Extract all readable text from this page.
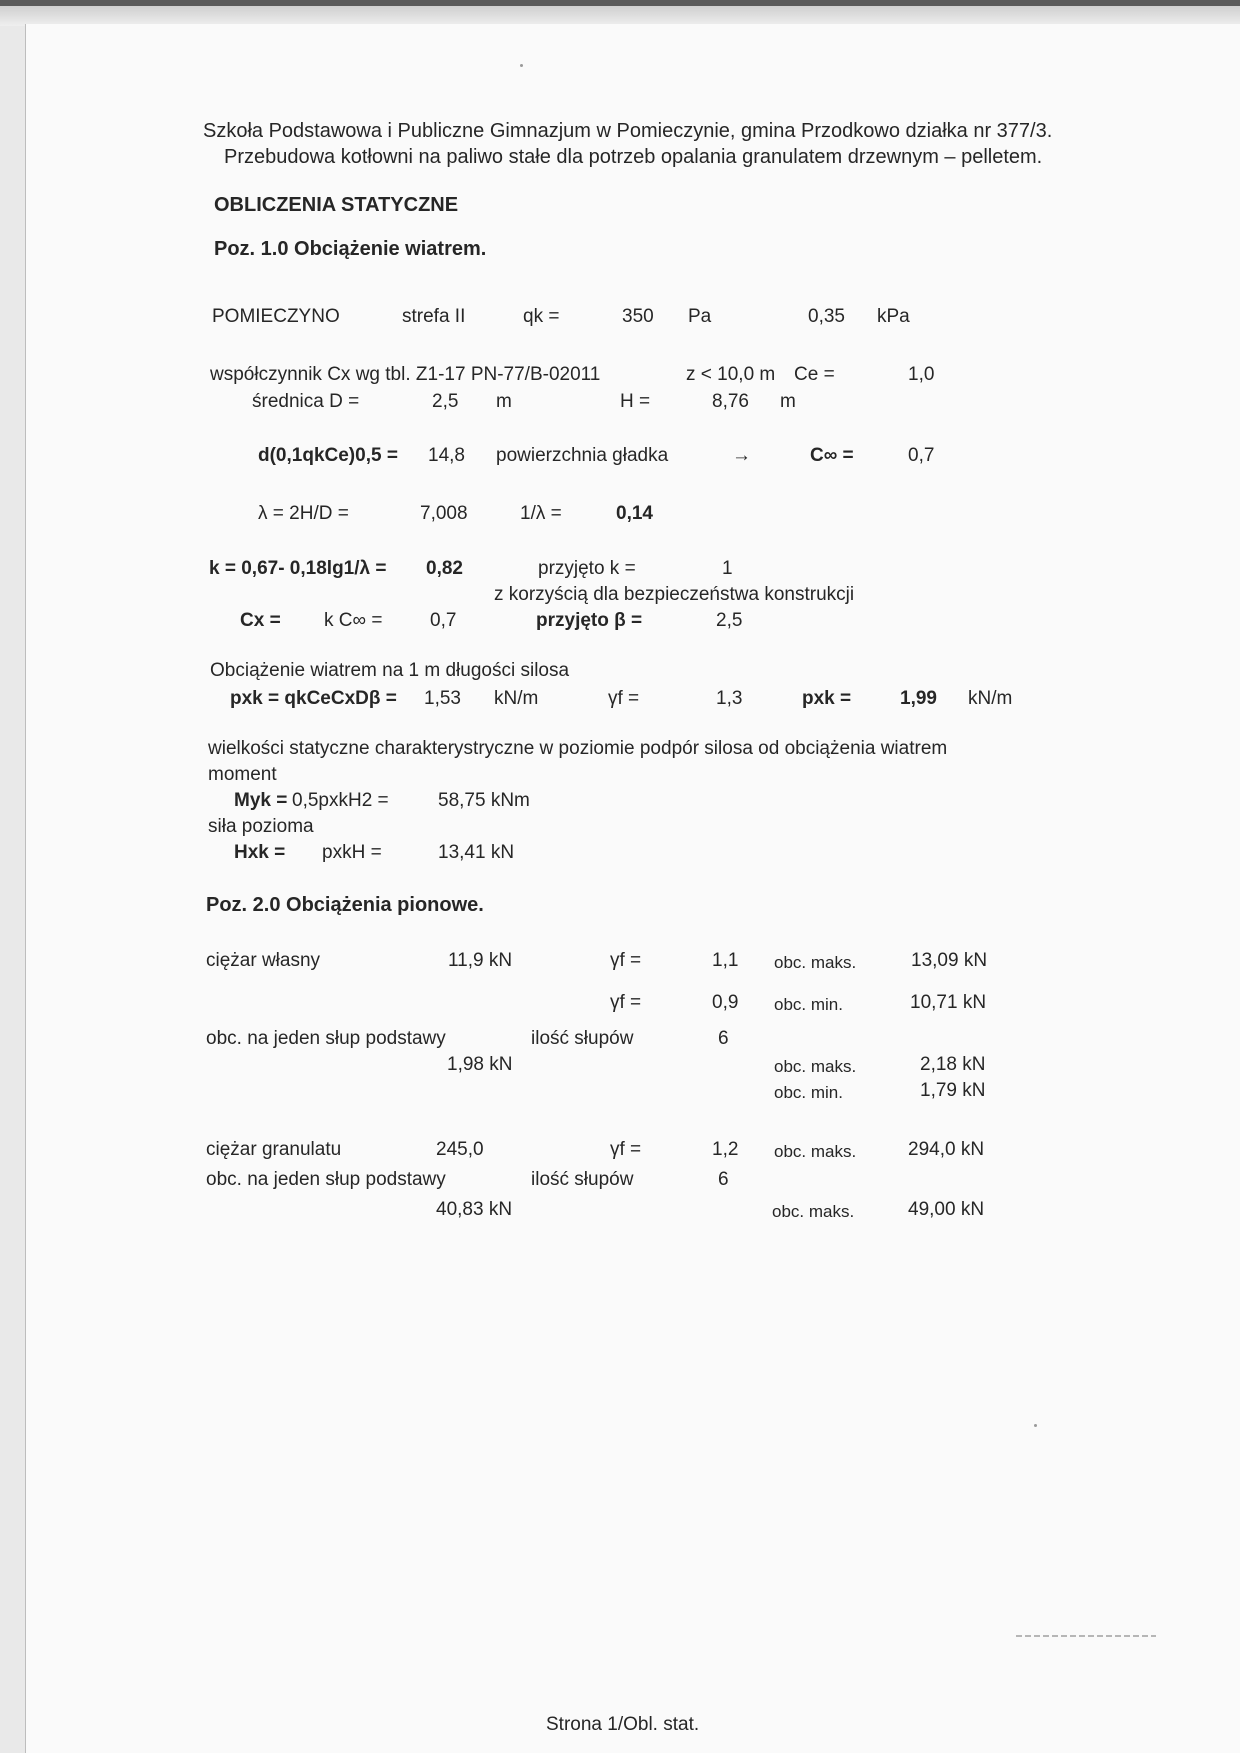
Szkoła Podstawowa i Publiczne Gimnazjum w Pomieczynie, gmina Przodkowo działka nr 377/3.
Przebudowa kotłowni na paliwo stałe dla potrzeb opalania granulatem drzewnym – pelletem.
OBLICZENIA STATYCZNE
Poz. 1.0 Obciążenie wiatrem.
POMIECZYNO	strefa II	qk =	350 Pa	0,35 kPa
współczynnik Cx wg tbl. Z1-17 PN-77/B-02011	z < 10,0 m Ce =	1,0
średnica D =	2,5 m	H =	8,76 m
d(0,1qkCe)0,5 = 14,8 powierzchnia gładka	→	C∞ =	0,7
λ = 2H/D =	7,008	1/λ =	0,14
k = 0,67- 0,18lg1/λ = 0,82	przyjęto k =	1
z korzyścią dla bezpieczeństwa konstrukcji
Cx = k C∞ =	0,7	przyjęto β =	2,5
Obciążenie wiatrem na 1 m długości silosa
pxk = qkCeCxDβ = 1,53 kN/m	γf =	1,3	pxk =	1,99 kN/m
wielkości statyczne charakterystryczne w poziomie podpór silosa od obciążenia wiatrem
moment
Myk = 0,5pxkH2 =	58,75 kNm
siła pozioma
Hxk = pxkH =	13,41 kN
Poz. 2.0 Obciążenia pionowe.
ciężar własny	11,9 kN	γf =	1,1 obc. maks.	13,09 kN
γf =	0,9 obc. min.	10,71 kN
obc. na jeden słup podstawy	ilość słupów	6
1,98 kN	obc. maks.	2,18 kN
obc. min.	1,79 kN
ciężar granulatu	245,0	γf =	1,2 obc. maks.	294,0 kN
obc. na jeden słup podstawy	ilość słupów	6
40,83 kN	obc. maks.	49,00 kN
Strona 1/Obl. stat.
